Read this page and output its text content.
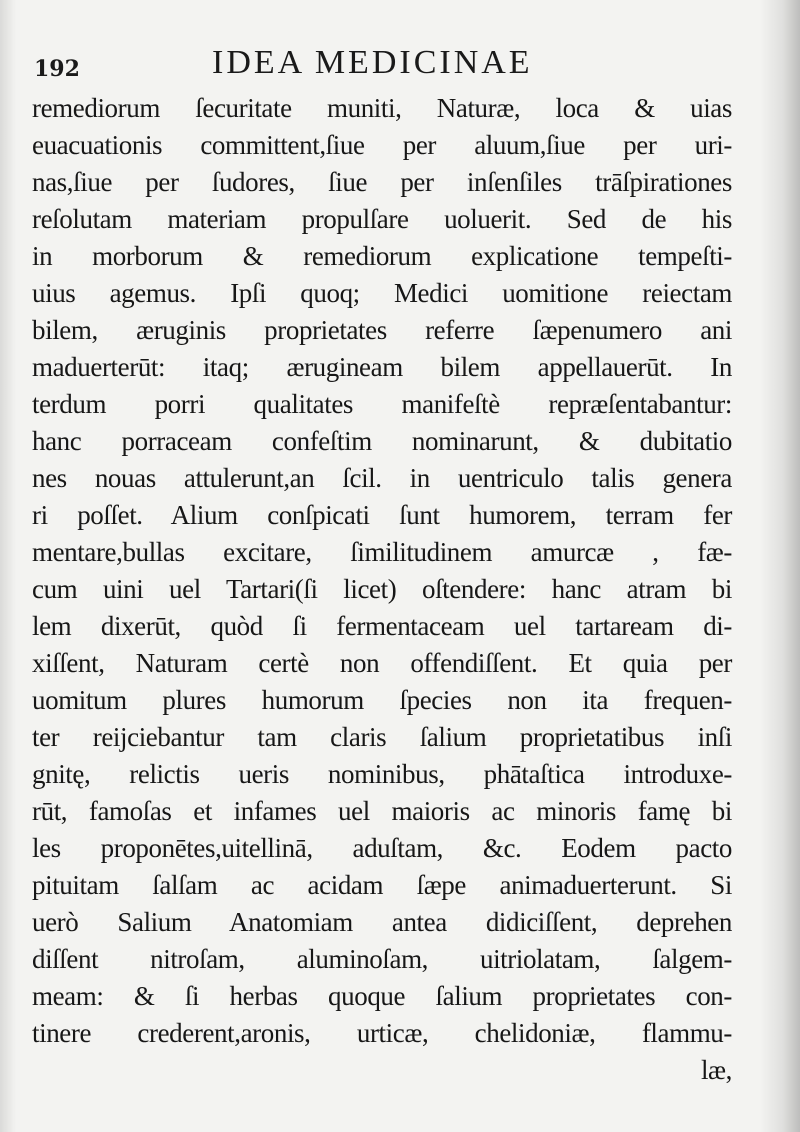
192	IDEA MEDICINAE
remediorum ſecuritate muniti, Naturæ, loca & uias
euacuationis committent,ſiue per aluum,ſiue per uri-
nas,ſiue per ſudores, ſiue per inſenſiles trāſpirationes
reſolutam materiam propulſare uoluerit. Sed de his
in morborum & remediorum explicatione tempeſti-
uius agemus. Ipſi quoq; Medici uomitione reiectam
bilem, æruginis proprietates referre ſæpenumero ani
maduerterūt: itaq; ærugineam bilem appellauerūt. In
terdum porri qualitates manifeſtè repræſentabantur:
hanc porraceam confeſtim nominarunt, & dubitatio
nes nouas attulerunt,an ſcil. in uentriculo talis genera
ri poſſet. Alium conſpicati ſunt humorem, terram fer
mentare,bullas excitare, ſimilitudinem amurcæ , fæ-
cum uini uel Tartari(ſi licet) oſtendere: hanc atram bi
lem dixerūt, quòd ſi fermentaceam uel tartaream di-
xiſſent, Naturam certè non offendiſſent. Et quia per
uomitum plures humorum ſpecies non ita frequen-
ter reijciebantur tam claris ſalium proprietatibus inſi
gnitę, relictis ueris nominibus, phātaſtica introduxe-
rūt, famoſas et infames uel maioris ac minoris famę bi
les proponētes,uitellinā, aduſtam, &c. Eodem pacto
pituitam ſalſam ac acidam ſæpe animaduerterunt. Si
uerò Salium Anatomiam antea didiciſſent, deprehen
diſſent nitroſam, aluminoſam, uitriolatam, ſalgem-
meam: & ſi herbas quoque ſalium proprietates con-
tinere crederent,aronis, urticæ, chelidoniæ, flammu-
læ,
